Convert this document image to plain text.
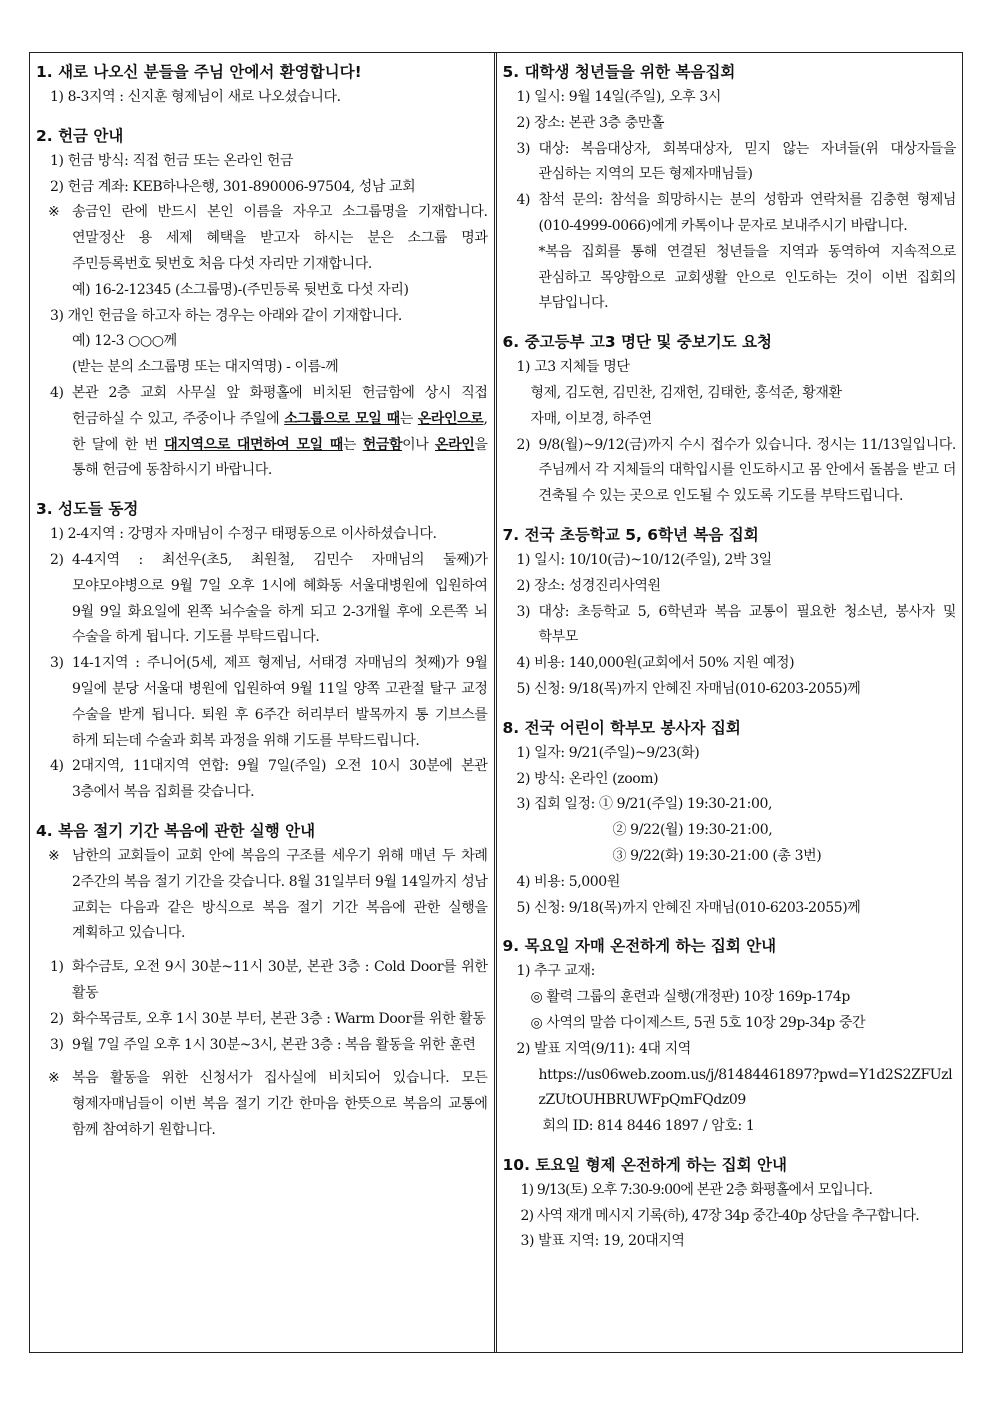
1. 새로 나오신 분들을 주님 안에서 환영합니다!
1) 8-3지역 : 신지훈 형제님이 새로 나오셨습니다.
2. 헌금 안내
1) 헌금 방식: 직접 헌금 또는 온라인 헌금
2) 헌금 계좌: KEB하나은행, 301-890006-97504, 성남 교회
※ 송금인 란에 반드시 본인 이름을 자우고 소그룹명을 기재합니다. 연말정산 용 세제 혜택을 받고자 하시는 분은 소그룹 명과 주민등록번호 뒷번호 처음 다섯 자리만 기재합니다.
예) 16-2-12345 (소그룹명)-(주민등록 뒷번호 다섯 자리)
3) 개인 헌금을 하고자 하는 경우는 아래와 같이 기재합니다.
예) 12-3 ○○○께
(받는 분의 소그룹명 또는 대지역명) - 이름-께
4) 본관 2층 교회 사무실 앞 화평홀에 비치된 헌금함에 상시 직접 헌금하실 수 있고, 주중이나 주일에 소그룹으로 모일 때는 온라인으로, 한 달에 한 번 대지역으로 대면하여 모일 때는 헌금함이나 온라인을 통해 헌금에 동참하시기 바랍니다.
3. 성도들 동정
1) 2-4지역 : 강명자 자매님이 수정구 태평동으로 이사하셨습니다.
2) 4-4지역 : 최선우(초5, 최원철, 김민수 자매님의 둘째)가 모야모야병으로 9월 7일 오후 1시에 혜화동 서울대병원에 입원하여 9월 9일 화요일에 왼쪽 뇌수술을 하게 되고 2-3개월 후에 오른쪽 뇌 수술을 하게 됩니다. 기도를 부탁드립니다.
3) 14-1지역 : 주니어(5세, 제프 형제님, 서태경 자매님의 첫째)가 9월 9일에 분당 서울대 병원에 입원하여 9월 11일 양쪽 고관절 탈구 교정 수술을 받게 됩니다. 퇴원 후 6주간 허리부터 발목까지 통 기브스를 하게 되는데 수술과 회복 과정을 위해 기도를 부탁드립니다.
4) 2대지역, 11대지역 연합: 9월 7일(주일) 오전 10시 30분에 본관 3층에서 복음 집회를 갖습니다.
4. 복음 절기 기간 복음에 관한 실행 안내
※ 남한의 교회들이 교회 안에 복음의 구조를 세우기 위해 매년 두 차례 2주간의 복음 절기 기간을 갖습니다. 8월 31일부터 9월 14일까지 성남 교회는 다음과 같은 방식으로 복음 절기 기간 복음에 관한 실행을 계획하고 있습니다.
1) 화수금토, 오전 9시 30분~11시 30분, 본관 3층 : Cold Door를 위한 활동
2) 화수목금토, 오후 1시 30분 부터, 본관 3층 : Warm Door를 위한 활동
3) 9월 7일 주일 오후 1시 30분~3시, 본관 3층 : 복음 활동을 위한 훈련
※ 복음 활동을 위한 신청서가 집사실에 비치되어 있습니다. 모든 형제자매님들이 이번 복음 절기 기간 한마음 한뜻으로 복음의 교통에 함께 참여하기 원합니다.
5. 대학생 청년들을 위한 복음집회
1) 일시: 9월 14일(주일), 오후 3시
2) 장소: 본관 3층 충만홀
3) 대상: 복음대상자, 회복대상자, 믿지 않는 자녀들(위 대상자들을 관심하는 지역의 모든 형제자매님들)
4) 참석 문의: 참석을 희망하시는 분의 성함과 연락처를 김충현 형제님(010-4999-0066)에게 카톡이나 문자로 보내주시기 바랍니다.
*복음 집회를 통해 연결된 청년들을 지역과 동역하여 지속적으로 관심하고 목양함으로 교회생활 안으로 인도하는 것이 이번 집회의 부담입니다.
6. 중고등부 고3 명단 및 중보기도 요청
1) 고3 지체들 명단
형제, 김도현, 김민찬, 김재헌, 김태한, 홍석준, 황재환
자매, 이보경, 하주연
2) 9/8(월)~9/12(금)까지 수시 접수가 있습니다. 정시는 11/13일입니다. 주님께서 각 지체들의 대학입시를 인도하시고 몸 안에서 돌봄을 받고 더 견축될 수 있는 곳으로 인도될 수 있도록 기도를 부탁드립니다.
7. 전국 초등학교 5, 6학년 복음 집회
1) 일시: 10/10(금)~10/12(주일), 2박 3일
2) 장소: 성경진리사역원
3) 대상: 초등학교 5, 6학년과 복음 교통이 필요한 청소년, 봉사자 및 학부모
4) 비용: 140,000원(교회에서 50% 지원 예정)
5) 신청: 9/18(목)까지 안혜진 자매님(010-6203-2055)께
8. 전국 어린이 학부모 봉사자 집회
1) 일자: 9/21(주일)~9/23(화)
2) 방식: 온라인 (zoom)
3) 집회 일정: ① 9/21(주일) 19:30-21:00,
② 9/22(월) 19:30-21:00,
③ 9/22(화) 19:30-21:00 (총 3번)
4) 비용: 5,000원
5) 신청: 9/18(목)까지 안혜진 자매님(010-6203-2055)께
9. 목요일 자매 온전하게 하는 집회 안내
1) 추구 교재:
◎ 활력 그룹의 훈련과 실행(개정판) 10장 169p-174p
◎ 사역의 말씀 다이제스트, 5권 5호 10장 29p-34p 중간
2) 발표 지역(9/11): 4대 지역
https://us06web.zoom.us/j/81484461897?pwd=Y1d2S2ZFUzlzZUtOUHBRUWFpQmFQdz09
회의 ID: 814 8446 1897 / 암호: 1
10. 토요일 형제 온전하게 하는 집회 안내
1) 9/13(토) 오후 7:30-9:00에 본관 2층 화평홀에서 모입니다.
2) 사역 재개 메시지 기록(하), 47장 34p 중간-40p 상단을 추구합니다.
3) 발표 지역: 19, 20대지역
